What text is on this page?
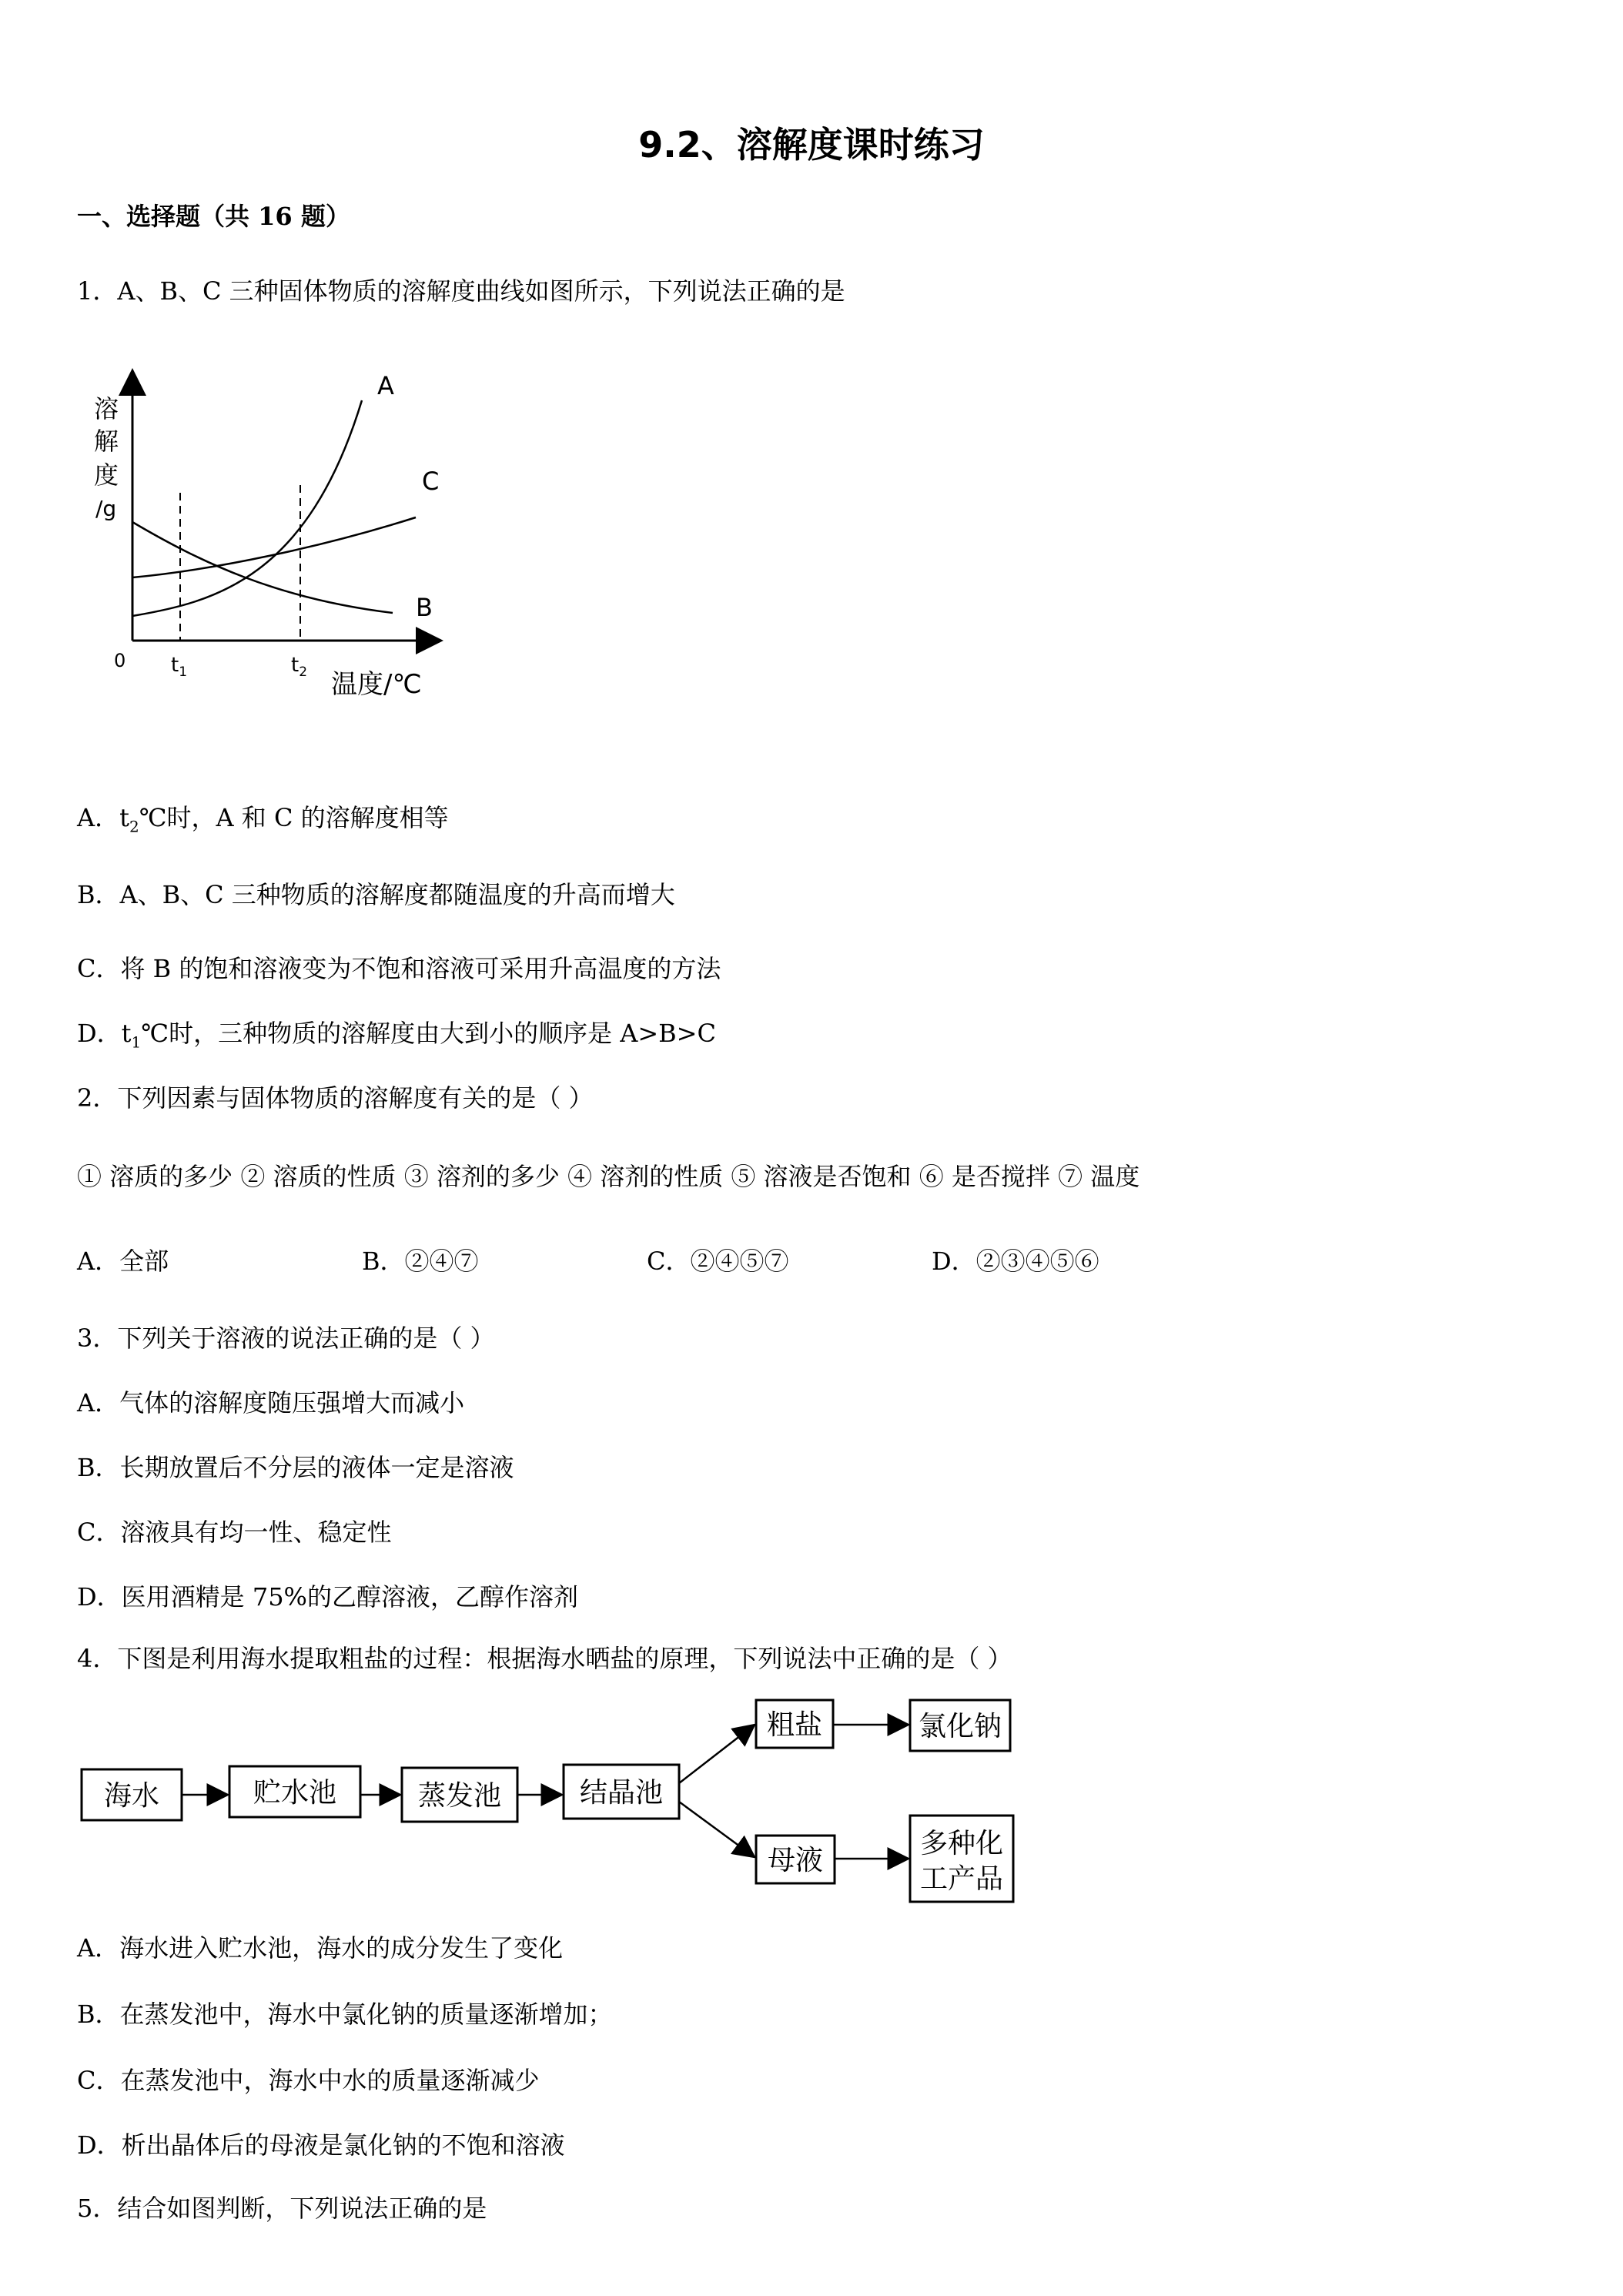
9.2、溶解度课时练习
一、选择题（共 16 题）
1．A、B、C 三种固体物质的溶解度曲线如图所示，下列说法正确的是
溶
解
度
/g
0 $t_1$	$t_2$ 温度/℃
A
C
B
A．$t_2℃$时，A 和 C 的溶解度相等
B．A、B、C 三种物质的溶解度都随温度的升高而增大
C．将 B 的饱和溶液变为不饱和溶液可采用升高温度的方法
D．$t_1℃$时，三种物质的溶解度由大到小的顺序是 A>B>C
2．下列因素与固体物质的溶解度有关的是（ ）
① 溶质的多少 ② 溶质的性质 ③ 溶剂的多少 ④ 溶剂的性质 ⑤ 溶液是否饱和 ⑥ 是否搅拌 ⑦ 温度
A．全部	B．②④⑦	C．②④⑤⑦	D．②③④⑤⑥
3．下列关于溶液的说法正确的是（ ）
A．气体的溶解度随压强增大而减小
B．长期放置后不分层的液体一定是溶液
C．溶液具有均一性、稳定性
D．医用酒精是 75%的乙醇溶液，乙醇作溶剂
4．下图是利用海水提取粗盐的过程：根据海水晒盐的原理，下列说法中正确的是（ ）
海水	贮水池	蒸发池	结晶池
粗盐	氯化钠
母液
多种化
工产品
A．海水进入贮水池，海水的成分发生了变化
B．在蒸发池中，海水中氯化钠的质量逐渐增加；
C．在蒸发池中，海水中水的质量逐渐减少
D．析出晶体后的母液是氯化钠的不饱和溶液
5．结合如图判断，下列说法正确的是
